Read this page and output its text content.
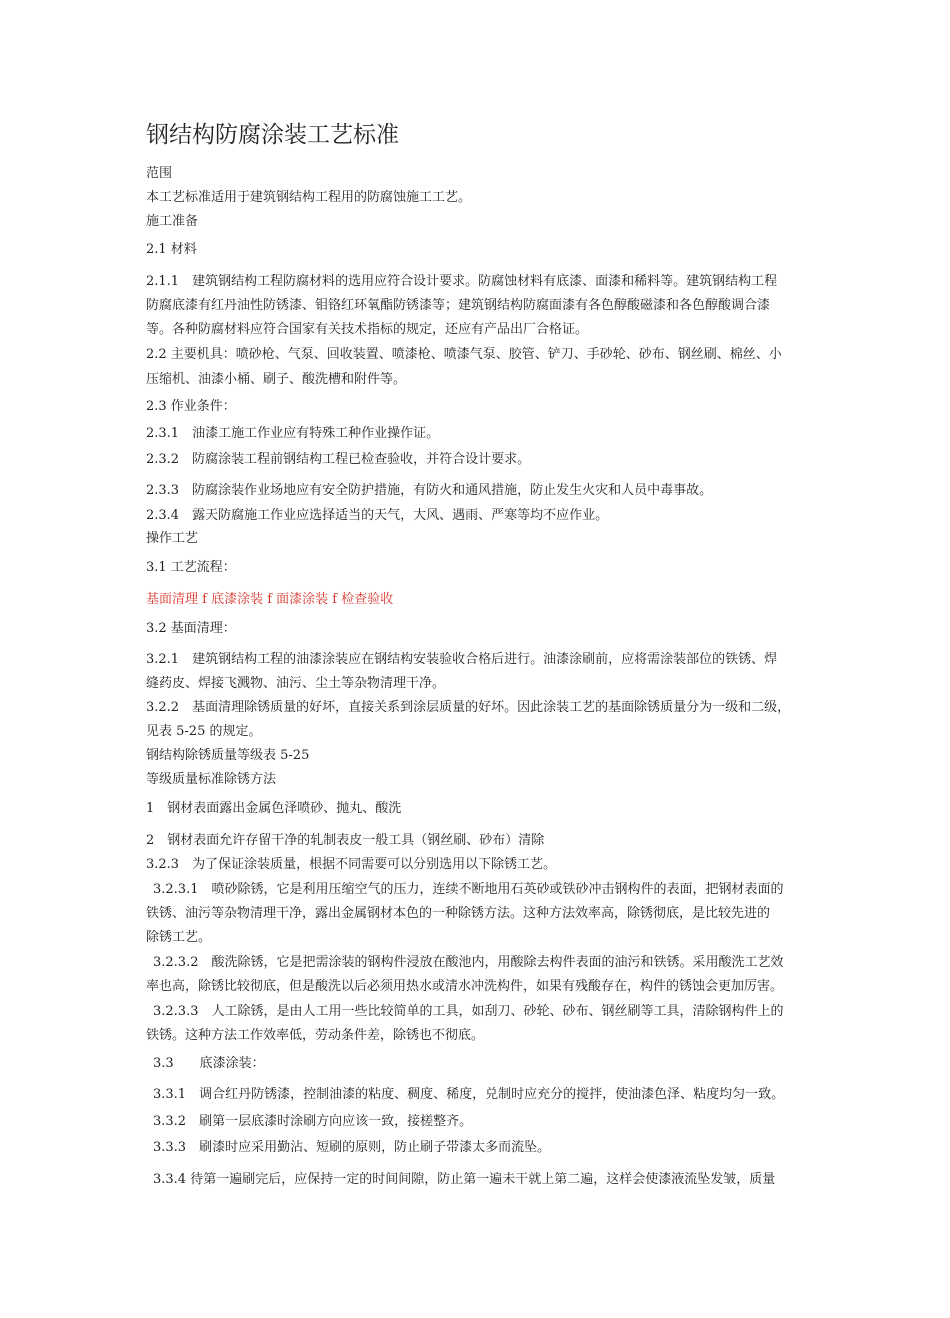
钢结构防腐涂装工艺标准

范围

本工艺标准适用于建筑钢结构工程用的防腐蚀施工工艺。

施工准备

2.1 材料

2.1.1　建筑钢结构工程防腐材料的选用应符合设计要求。防腐蚀材料有底漆、面漆和稀料等。建筑钢结构工程

防腐底漆有红丹油性防锈漆、钼铬红环氧酯防锈漆等；建筑钢结构防腐面漆有各色醇酸磁漆和各色醇酸调合漆

等。各种防腐材料应符合国家有关技术指标的规定，还应有产品出厂合格证。

2.2 主要机具：喷砂枪、气泵、回收装置、喷漆枪、喷漆气泵、胶管、铲刀、手砂轮、砂布、钢丝刷、棉丝、小

压缩机、油漆小桶、刷子、酸洗槽和附件等。

2.3 作业条件：

2.3.1　油漆工施工作业应有特殊工种作业操作证。

2.3.2　防腐涂装工程前钢结构工程已检查验收，并符合设计要求。

2.3.3　防腐涂装作业场地应有安全防护措施，有防火和通风措施，防止发生火灾和人员中毒事故。

2.3.4　露天防腐施工作业应选择适当的天气，大风、遇雨、严寒等均不应作业。

操作工艺

3.1 工艺流程：

基面清理 f 底漆涂装 f 面漆涂装 f 检查验收

3.2 基面清理：

3.2.1　建筑钢结构工程的油漆涂装应在钢结构安装验收合格后进行。油漆涂刷前，应将需涂装部位的铁锈、焊

缝药皮、焊接飞溅物、油污、尘土等杂物清理干净。

3.2.2　基面清理除锈质量的好坏，直接关系到涂层质量的好坏。因此涂装工艺的基面除锈质量分为一级和二级，

见表 5-25 的规定。

钢结构除锈质量等级表 5-25

等级质量标准除锈方法

1　钢材表面露出金属色泽喷砂、抛丸、酸洗

2　钢材表面允许存留干净的轧制表皮一般工具（钢丝刷、砂布）清除

3.2.3　为了保证涂装质量，根据不同需要可以分别选用以下除锈工艺。

3.2.3.1　喷砂除锈，它是利用压缩空气的压力，连续不断地用石英砂或铁砂冲击钢构件的表面，把钢材表面的

铁锈、油污等杂物清理干净，露出金属钢材本色的一种除锈方法。这种方法效率高，除锈彻底，是比较先进的

除锈工艺。

3.2.3.2　酸洗除锈，它是把需涂装的钢构件浸放在酸池内，用酸除去构件表面的油污和铁锈。采用酸洗工艺效

率也高，除锈比较彻底，但是酸洗以后必须用热水或清水冲洗构件，如果有残酸存在，构件的锈蚀会更加厉害。

3.2.3.3　人工除锈，是由人工用一些比较简单的工具，如刮刀、砂轮、砂布、钢丝刷等工具，清除钢构件上的

铁锈。这种方法工作效率低，劳动条件差，除锈也不彻底。

3.3　　底漆涂装：

3.3.1　调合红丹防锈漆，控制油漆的粘度、稠度、稀度，兑制时应充分的搅拌，使油漆色泽、粘度均匀一致。

3.3.2　刷第一层底漆时涂刷方向应该一致，接槎整齐。

3.3.3　刷漆时应采用勤沾、短刷的原则，防止刷子带漆太多而流坠。

3.3.4 待第一遍刷完后，应保持一定的时间间隙，防止第一遍未干就上第二遍，这样会使漆液流坠发皱，质量
